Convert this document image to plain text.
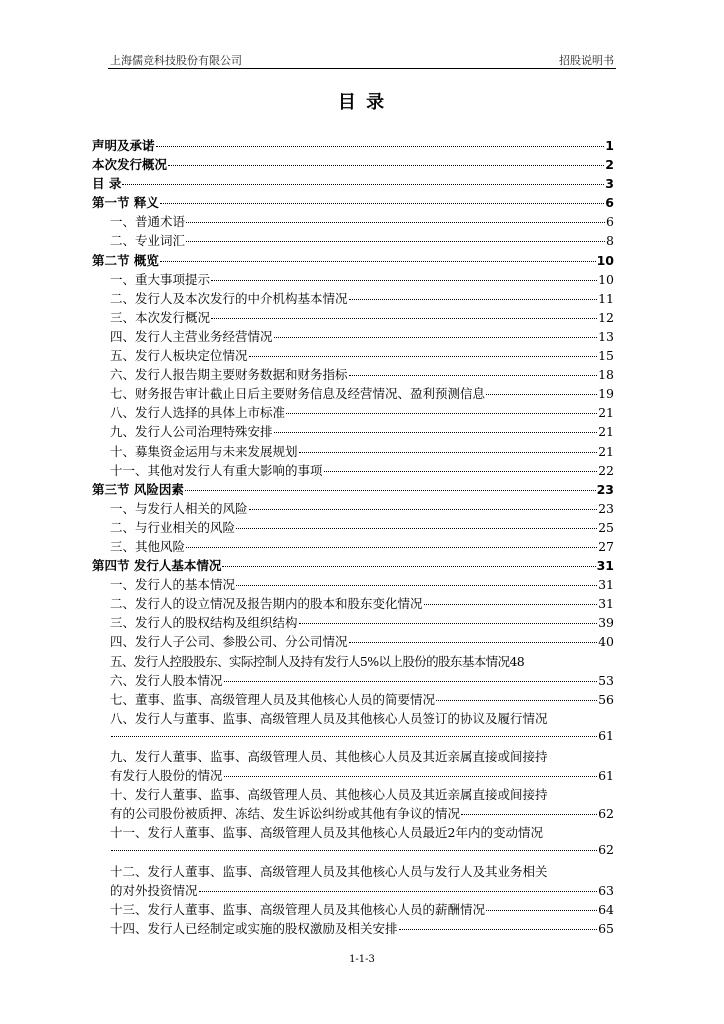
上海儒竞科技股份有限公司	招股说明书
目 录
声明及承诺	1
本次发行概况	2
目 录	3
第一节 释义	6
一、普通术语	6
二、专业词汇	8
第二节 概览	10
一、重大事项提示	10
二、发行人及本次发行的中介机构基本情况	11
三、本次发行概况	12
四、发行人主营业务经营情况	13
五、发行人板块定位情况	15
六、发行人报告期主要财务数据和财务指标	18
七、财务报告审计截止日后主要财务信息及经营情况、盈利预测信息	19
八、发行人选择的具体上市标准	21
九、发行人公司治理特殊安排	21
十、募集资金运用与未来发展规划	21
十一、其他对发行人有重大影响的事项	22
第三节 风险因素	23
一、与发行人相关的风险	23
二、与行业相关的风险	25
三、其他风险	27
第四节 发行人基本情况	31
一、发行人的基本情况	31
二、发行人的设立情况及报告期内的股本和股东变化情况	31
三、发行人的股权结构及组织结构	39
四、发行人子公司、参股公司、分公司情况	40
五、发行人控股股东、实际控制人及持有发行人5%以上股份的股东基本情况 48
六、发行人股本情况	53
七、董事、监事、高级管理人员及其他核心人员的简要情况	56
八、发行人与董事、监事、高级管理人员及其他核心人员签订的协议及履行情况
61
九、发行人董事、监事、高级管理人员、其他核心人员及其近亲属直接或间接持
有发行人股份的情况	61
十、发行人董事、监事、高级管理人员、其他核心人员及其近亲属直接或间接持
有的公司股份被质押、冻结、发生诉讼纠纷或其他有争议的情况	62
十一、发行人董事、监事、高级管理人员及其他核心人员最近2年内的变动情况
62
十二、发行人董事、监事、高级管理人员及其他核心人员与发行人及其业务相关
的对外投资情况	63
十三、发行人董事、监事、高级管理人员及其他核心人员的薪酬情况	64
十四、发行人已经制定或实施的股权激励及相关安排	65
1-1-3
